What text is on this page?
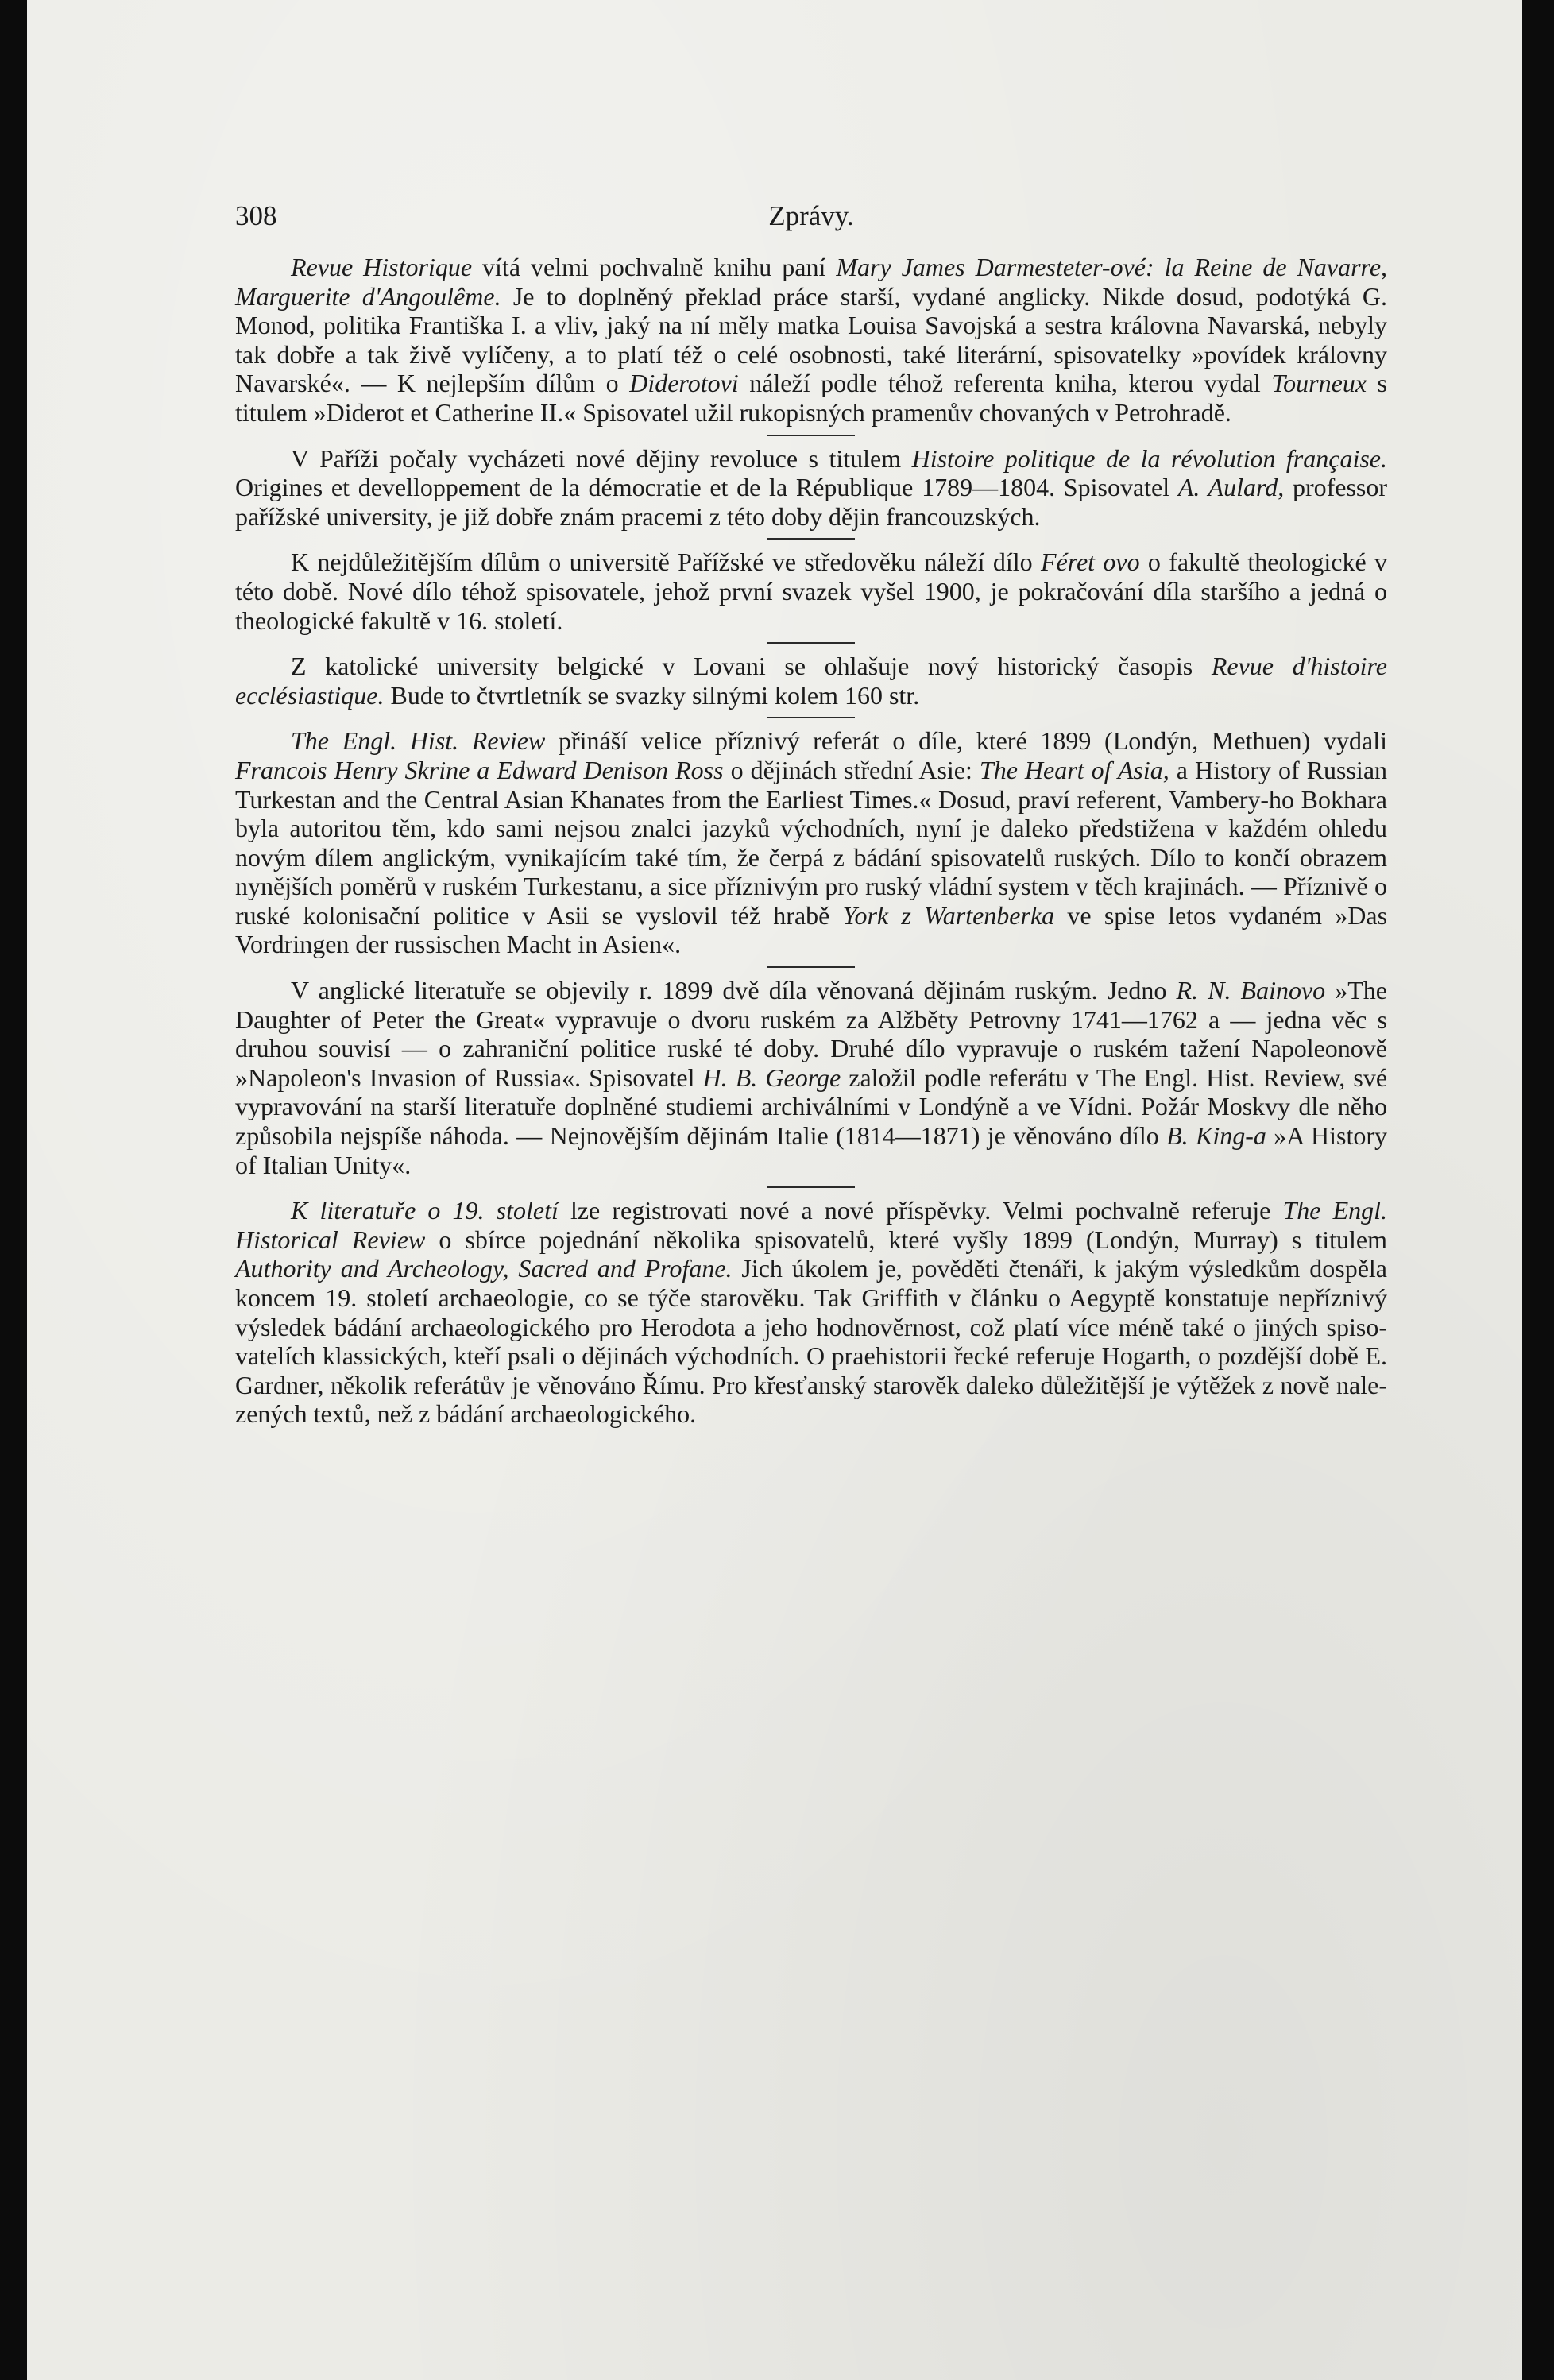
308	Zprávy.

Revue Historique vítá velmi pochvalně knihu paní Mary James Darmesteter-ové: la Reine de Navarre, Marguerite d'Angoulême. Je to doplněný překlad práce starší, vydané anglicky. Nikde dosud, podotýká G. Monod, politika Františka I. a vliv, jaký na ní měly matka Louisa Savojská a sestra královna Navarská, nebyly tak dobře a tak živě vylíčeny, a to platí též o celé osobnosti, také literární, spisovatelky »povídek královny Navarské«. — K nejlepším dílům o Diderotovi náleží podle téhož referenta kniha, kterou vydal Tourneux s titulem »Diderot et Catherine II.« Spisovatel užil rukopisných pramenův chovaných v Petrohradě.

V Paříži počaly vycházeti nové dějiny revoluce s titulem Histoire politique de la révolution française. Origines et develloppement de la démocratie et de la République 1789—1804. Spisovatel A. Aulard, professor pařížské university, je již dobře znám pracemi z této doby dějin francouzských.

K nejdůležitějším dílům o universitě Pařížské ve středověku náleží dílo Féret ovo o fakultě theologické v této době. Nové dílo téhož spisovatele, jehož první svazek vyšel 1900, je pokračování díla staršího a jedná o theologické fakultě v 16. století.

Z katolické university belgické v Lovani se ohlašuje nový historický časopis Revue d'histoire ecclésiastique. Bude to čtvrtletník se svazky silnými kolem 160 str.

The Engl. Hist. Review přináší velice příznivý referát o díle, které 1899 (Londýn, Methuen) vydali Francois Henry Skrine a Edward Denison Ross o dějinách střední Asie: The Heart of Asia, a History of Russian Turkestan and the Central Asian Khanates from the Earliest Times.« Dosud, praví referent, Vambery-ho Bokhara byla autoritou těm, kdo sami nejsou znalci jazyků východních, nyní je daleko předstižena v každém ohledu novým dílem anglickým, vynikajícím také tím, že čerpá z bádání spisovatelů ruských. Dílo to končí obrazem nynějších poměrů v ruském Turkestanu, a sice příznivým pro ruský vládní system v těch krajinách. — Příznivě o ruské kolonisační politice v Asii se vyslovil též hrabě York z Wartenberka ve spise letos vydaném »Das Vordringen der russischen Macht in Asien«.

V anglické literatuře se objevily r. 1899 dvě díla věnovaná dějinám ruským. Jedno R. N. Bainovo »The Daughter of Peter the Great« vypravuje o dvoru ruském za Alžběty Petrovny 1741—1762 a — jedna věc s druhou souvisí — o zahraniční politice ruské té doby. Druhé dílo vypravuje o ruském tažení Napoleonově »Napoleon's Invasion of Russia«. Spisovatel H. B. George založil podle referátu v The Engl. Hist. Review, své vypravování na starší literatuře doplněné studiemi archiválními v Londýně a ve Vídni. Požár Moskvy dle něho způsobila nejspíše náhoda. — Nejnovějším dějinám Italie (1814—1871) je věnováno dílo B. King-a »A History of Italian Unity«.

K literatuře o 19. století lze registrovati nové a nové příspěvky. Velmi pochvalně referuje The Engl. Historical Review o sbírce pojednání několika spisovatelů, které vyšly 1899 (Londýn, Murray) s titulem Authority and Archeology, Sacred and Profane. Jich úkolem je, pověděti čtenáři, k jakým výsledkům dospěla koncem 19. století archaeologie, co se týče starověku. Tak Griffith v článku o Aegyptě konstatuje nepříznivý výsledek bádání archaeologického pro Herodota a jeho hodnověrnost, což platí více méně také o jiných spisovatelích klassických, kteří psali o dějinách východních. O praehistorii řecké referuje Hogarth, o pozdější době E. Gardner, několik referátův je věnováno Římu. Pro křesťanský starověk daleko důležitější je výtěžek z nově nalezených textů, než z bádání archaeologického.
